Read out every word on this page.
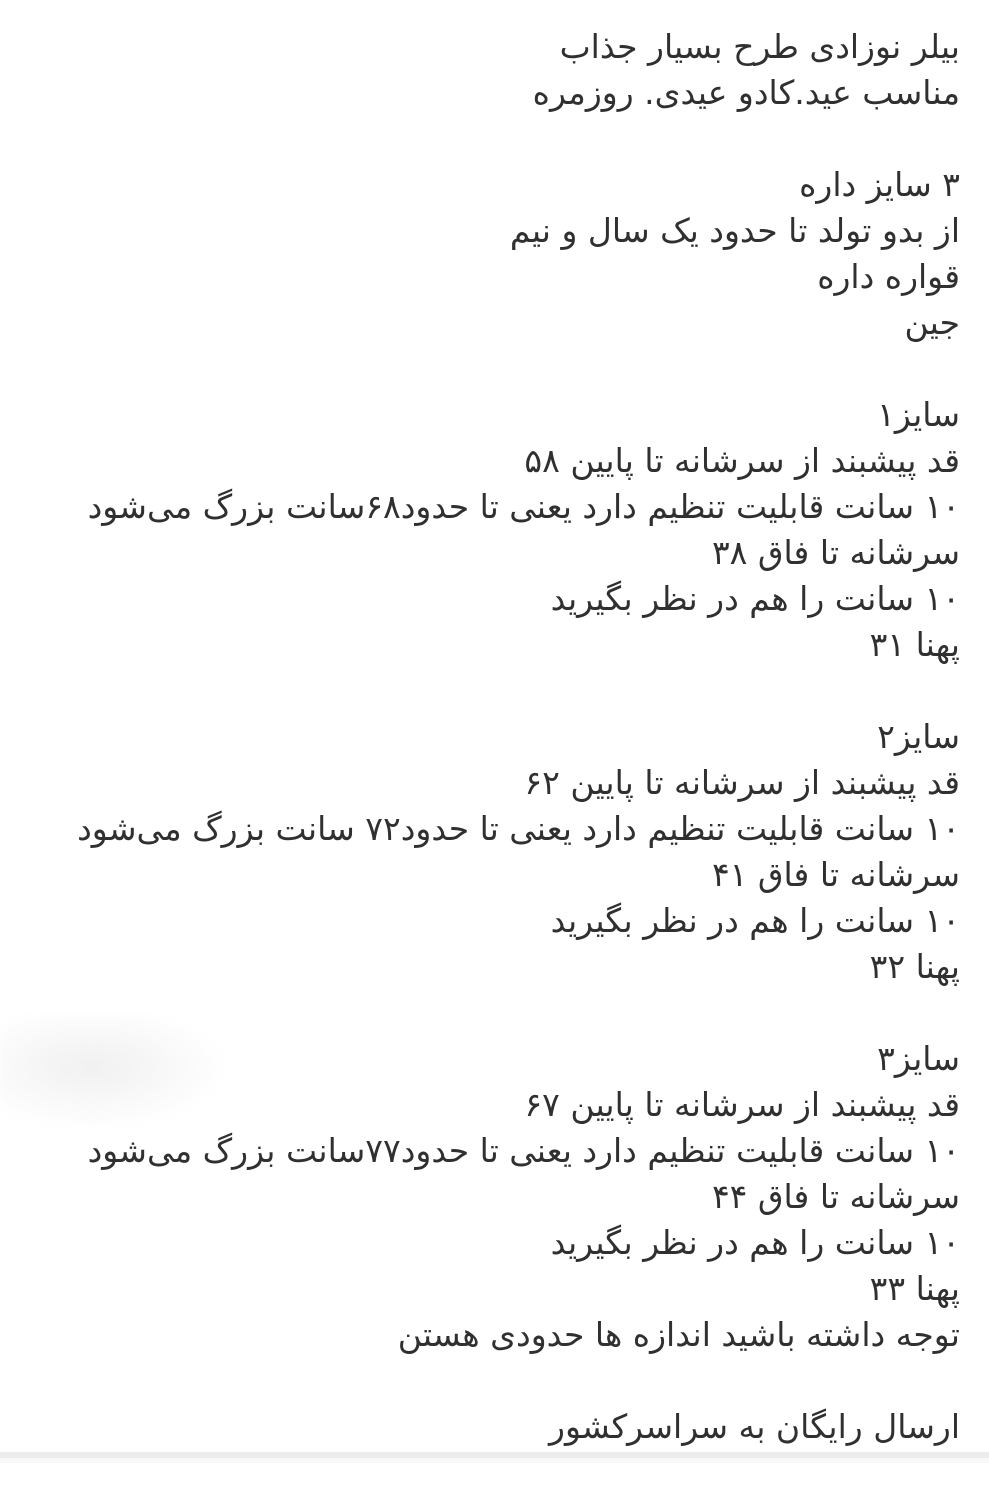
بیلر نوزادی طرح بسیار جذاب
مناسب عید.کادو عیدی. روزمره
۳ سایز داره
از بدو تولد تا حدود یک سال و نیم
قواره داره
جین
سایز۱
قد پیشبند از سرشانه تا پایین ۵۸
۱۰ سانت قابلیت تنظیم دارد یعنی تا حدود۶۸سانت بزرگ می‌شود
سرشانه تا فاق ۳۸
۱۰ سانت را هم در نظر بگیرید
پهنا ۳۱
سایز۲
قد پیشبند از سرشانه تا پایین ۶۲
۱۰ سانت قابلیت تنظیم دارد یعنی تا حدود۷۲ سانت بزرگ می‌شود
سرشانه تا فاق ۴۱
۱۰ سانت را هم در نظر بگیرید
پهنا ۳۲
سایز۳
قد پیشبند از سرشانه تا پایین ۶۷
۱۰ سانت قابلیت تنظیم دارد یعنی تا حدود۷۷سانت بزرگ می‌شود
سرشانه تا فاق ۴۴
۱۰ سانت را هم در نظر بگیرید
پهنا ۳۳
توجه داشته باشید اندازه ها حدودی هستن
ارسال رایگان به سراسرکشور
